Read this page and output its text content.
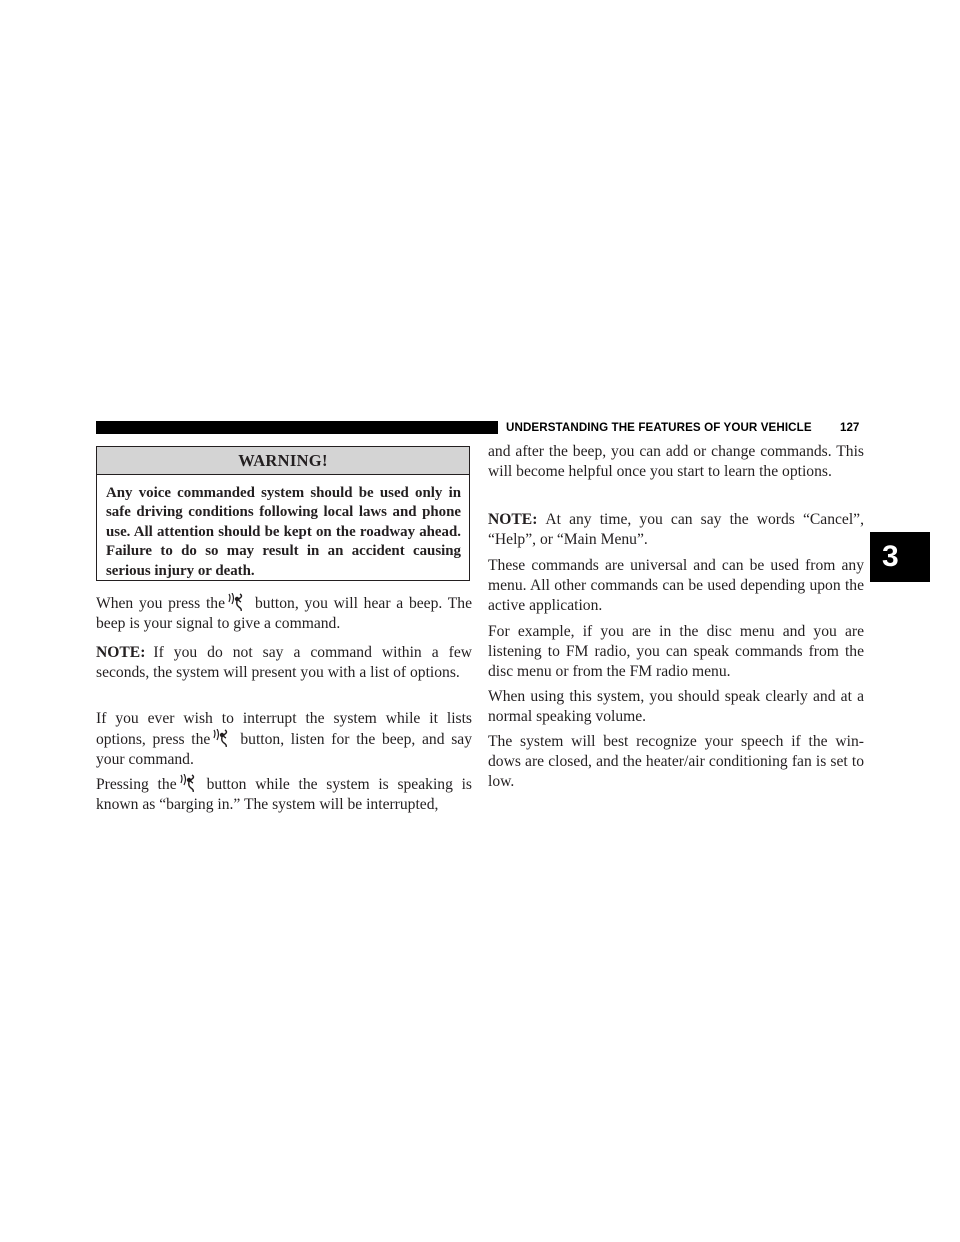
UNDERSTANDING THE FEATURES OF YOUR VEHICLE	127
3
WARNING!
Any voice commanded system should be used only in safe driving conditions following local laws and phone use. All attention should be kept on the roadway ahead. Failure to do so may result in an accident causing serious injury or death.

When you press the button, you will hear a beep. The beep is your signal to give a command.

NOTE: If you do not say a command within a few seconds, the system will present you with a list of options.

If you ever wish to interrupt the system while it lists options, press the button, listen for the beep, and say your command.

Pressing the button while the system is speaking is known as “barging in.” The system will be interrupted,

and after the beep, you can add or change commands. This will become helpful once you start to learn the options.

NOTE: At any time, you can say the words “Cancel”, “Help”, or “Main Menu”.

These commands are universal and can be used from any menu. All other commands can be used depending upon the active application.

For example, if you are in the disc menu and you are listening to FM radio, you can speak commands from the disc menu or from the FM radio menu.

When using this system, you should speak clearly and at a normal speaking volume.

The system will best recognize your speech if the win- dows are closed, and the heater/air conditioning fan is set to low.
